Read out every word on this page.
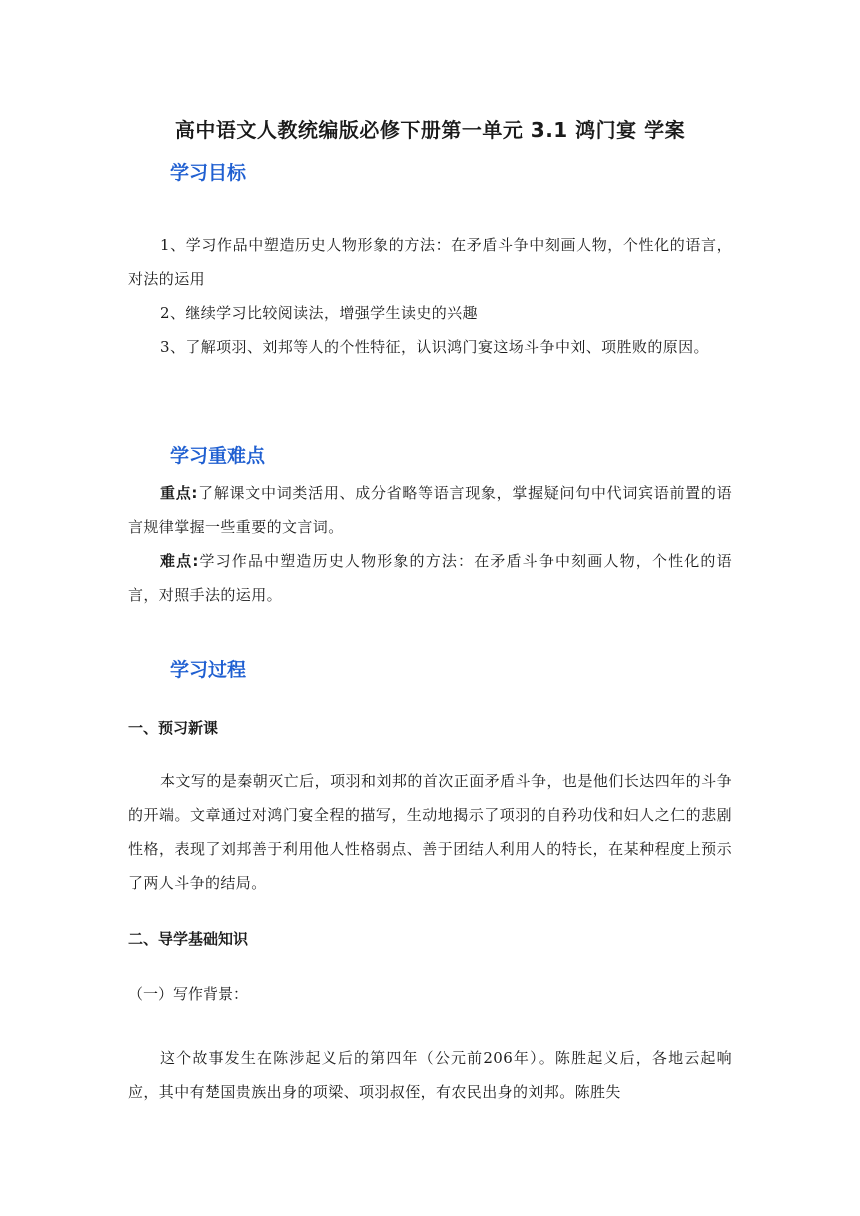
高中语文人教统编版必修下册第一单元 3.1 鸿门宴 学案
学习目标
1、学习作品中塑造历史人物形象的方法：在矛盾斗争中刻画人物，个性化的语言，对法的运用
2、继续学习比较阅读法，增强学生读史的兴趣
3、了解项羽、刘邦等人的个性特征，认识鸿门宴这场斗争中刘、项胜败的原因。
学习重难点
重点:了解课文中词类活用、成分省略等语言现象，掌握疑问句中代词宾语前置的语言规律掌握一些重要的文言词。
难点:学习作品中塑造历史人物形象的方法：在矛盾斗争中刻画人物，个性化的语言，对照手法的运用。
学习过程
一、预习新课
本文写的是秦朝灭亡后，项羽和刘邦的首次正面矛盾斗争，也是他们长达四年的斗争的开端。文章通过对鸿门宴全程的描写，生动地揭示了项羽的自矜功伐和妇人之仁的悲剧性格，表现了刘邦善于利用他人性格弱点、善于团结人利用人的特长，在某种程度上预示了两人斗争的结局。
二、导学基础知识
（一）写作背景：
这个故事发生在陈涉起义后的第四年（公元前206年）。陈胜起义后，各地云起响应，其中有楚国贵族出身的项梁、项羽叔侄，有农民出身的刘邦。陈胜失
